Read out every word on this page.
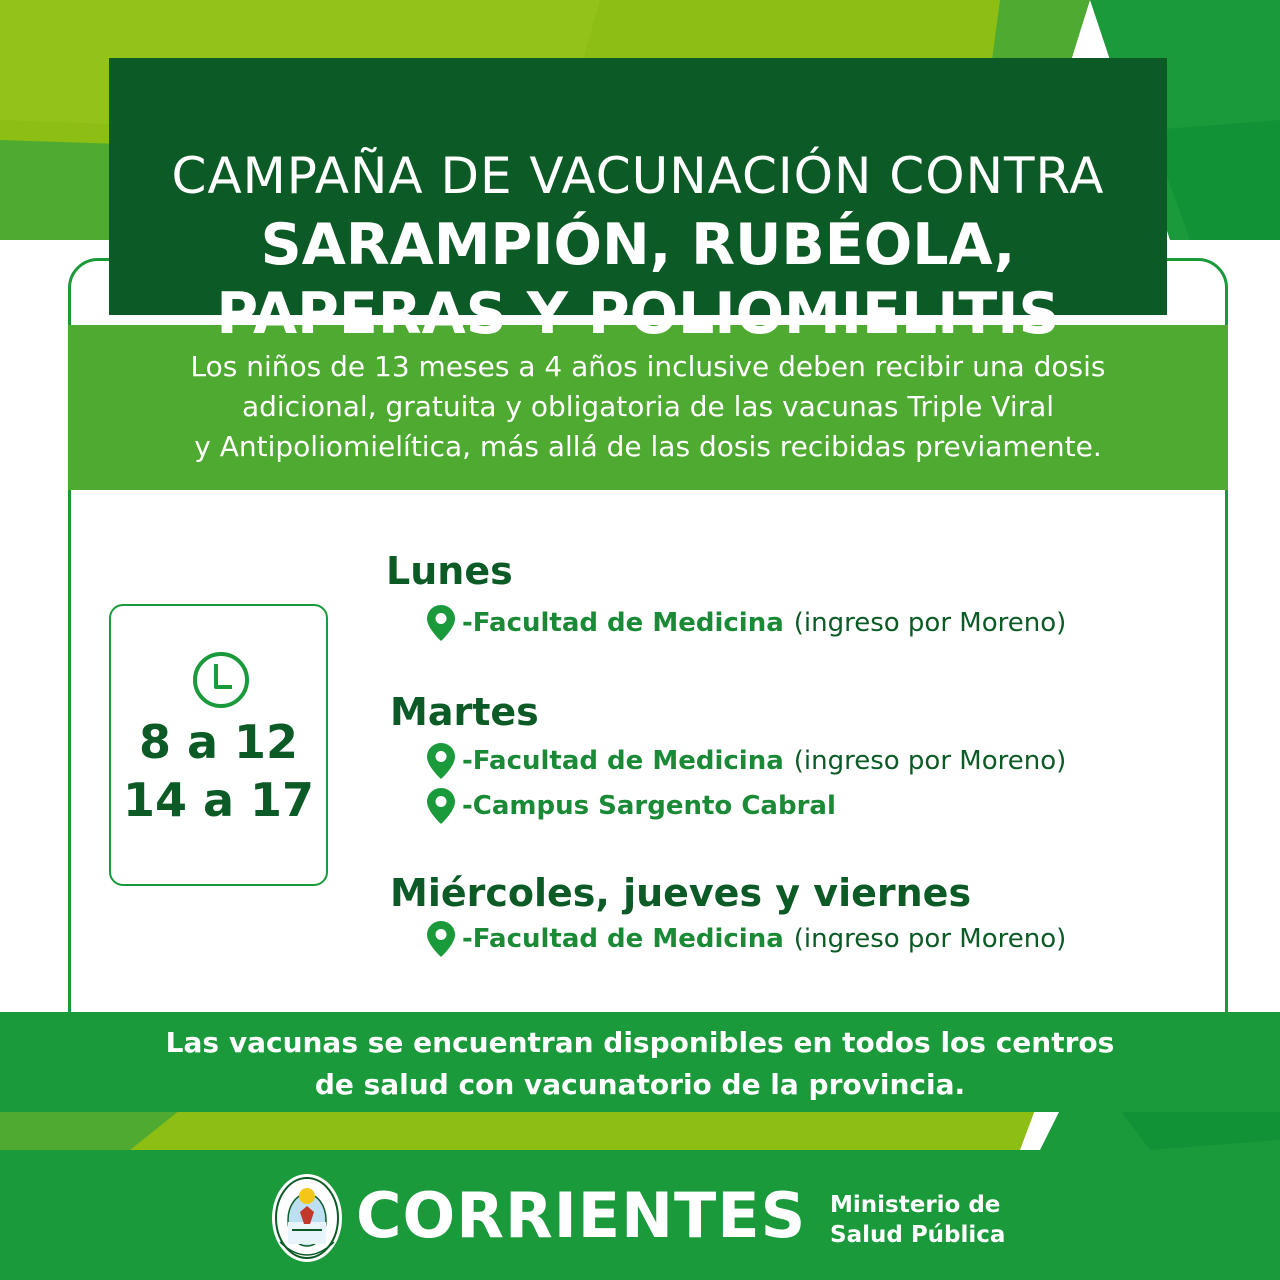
CAMPAÑA DE VACUNACIÓN CONTRA
SARAMPIÓN, RUBÉOLA,
PAPERAS Y POLIOMIELITIS
Los niños de 13 meses a 4 años inclusive deben recibir una dosis
adicional, gratuita y obligatoria de las vacunas Triple Viral
y Antipoliomielítica, más allá de las dosis recibidas previamente.
8 a 12
14 a 17
Lunes
-Facultad de Medicina (ingreso por Moreno)
Martes
-Facultad de Medicina (ingreso por Moreno)
-Campus Sargento Cabral
Miércoles, jueves y viernes
-Facultad de Medicina (ingreso por Moreno)
Las vacunas se encuentran disponibles en todos los centros
de salud con vacunatorio de la provincia.
CORRIENTES Ministerio de
Salud Pública
